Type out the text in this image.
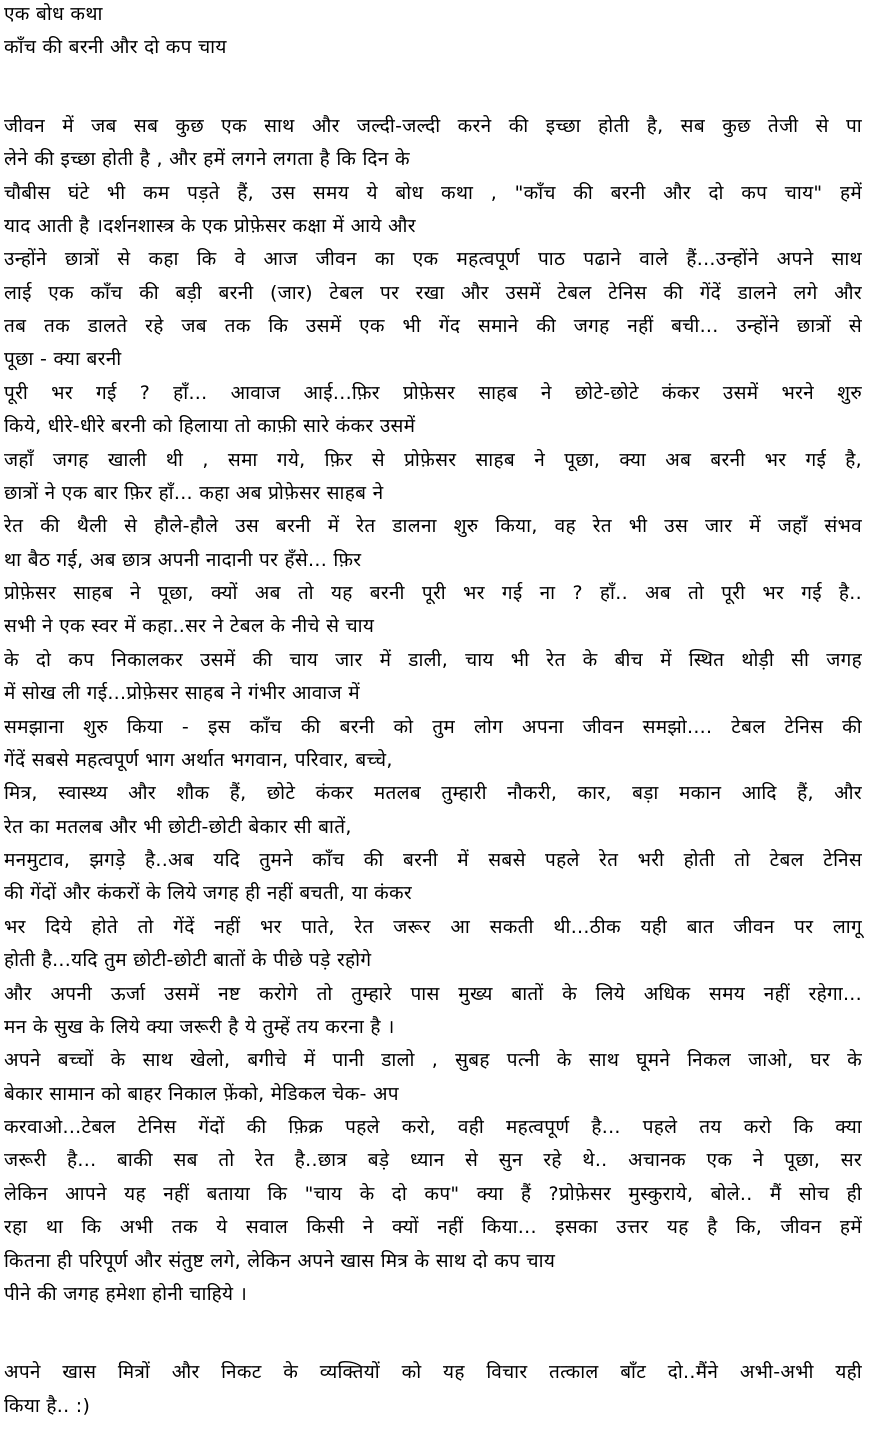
एक बोध कथा
काँच की बरनी और दो कप चाय
जीवन में जब सब कुछ एक साथ और जल्दी-जल्दी करने की इच्छा होती है, सब कुछ तेजी से पा
लेने की इच्छा होती है , और हमें लगने लगता है कि दिन के
चौबीस घंटे भी कम पड़ते हैं, उस समय ये बोध कथा , "काँच की बरनी और दो कप चाय" हमें
याद आती है ।दर्शनशास्त्र के एक प्रोफ़ेसर कक्षा में आये और
उन्होंने छात्रों से कहा कि वे आज जीवन का एक महत्वपूर्ण पाठ पढाने वाले हैं...उन्होंने अपने साथ
लाई एक काँच की बड़ी बरनी (जार) टेबल पर रखा और उसमें टेबल टेनिस की गेंदें डालने लगे और
तब तक डालते रहे जब तक कि उसमें एक भी गेंद समाने की जगह नहीं बची... उन्होंने छात्रों से
पूछा - क्या बरनी
पूरी भर गई ? हाँ... आवाज आई...फ़िर प्रोफ़ेसर साहब ने छोटे-छोटे कंकर उसमें भरने शुरु
किये, धीरे-धीरे बरनी को हिलाया तो काफ़ी सारे कंकर उसमें
जहाँ जगह खाली थी , समा गये, फ़िर से प्रोफ़ेसर साहब ने पूछा, क्या अब बरनी भर गई है,
छात्रों ने एक बार फ़िर हाँ... कहा अब प्रोफ़ेसर साहब ने
रेत की थैली से हौले-हौले उस बरनी में रेत डालना शुरु किया, वह रेत भी उस जार में जहाँ संभव
था बैठ गई, अब छात्र अपनी नादानी पर हँसे... फ़िर
प्रोफ़ेसर साहब ने पूछा, क्यों अब तो यह बरनी पूरी भर गई ना ? हाँ.. अब तो पूरी भर गई है..
सभी ने एक स्वर में कहा..सर ने टेबल के नीचे से चाय
के दो कप निकालकर उसमें की चाय जार में डाली, चाय भी रेत के बीच में स्थित थोड़ी सी जगह
में सोख ली गई...प्रोफ़ेसर साहब ने गंभीर आवाज में
समझाना शुरु किया - इस काँच की बरनी को तुम लोग अपना जीवन समझो.... टेबल टेनिस की
गेंदें सबसे महत्वपूर्ण भाग अर्थात भगवान, परिवार, बच्चे,
मित्र, स्वास्थ्य और शौक हैं, छोटे कंकर मतलब तुम्हारी नौकरी, कार, बड़ा मकान आदि हैं, और
रेत का मतलब और भी छोटी-छोटी बेकार सी बातें,
मनमुटाव, झगड़े है..अब यदि तुमने काँच की बरनी में सबसे पहले रेत भरी होती तो टेबल टेनिस
की गेंदों और कंकरों के लिये जगह ही नहीं बचती, या कंकर
भर दिये होते तो गेंदें नहीं भर पाते, रेत जरूर आ सकती थी...ठीक यही बात जीवन पर लागू
होती है...यदि तुम छोटी-छोटी बातों के पीछे पड़े रहोगे
और अपनी ऊर्जा उसमें नष्ट करोगे तो तुम्हारे पास मुख्य बातों के लिये अधिक समय नहीं रहेगा...
मन के सुख के लिये क्या जरूरी है ये तुम्हें तय करना है ।
अपने बच्चों के साथ खेलो, बगीचे में पानी डालो , सुबह पत्नी के साथ घूमने निकल जाओ, घर के
बेकार सामान को बाहर निकाल फ़ेंको, मेडिकल चेक- अप
करवाओ...टेबल टेनिस गेंदों की फ़िक्र पहले करो, वही महत्वपूर्ण है... पहले तय करो कि क्या
जरूरी है... बाकी सब तो रेत है..छात्र बड़े ध्यान से सुन रहे थे.. अचानक एक ने पूछा, सर
लेकिन आपने यह नहीं बताया कि "चाय के दो कप" क्या हैं ?प्रोफ़ेसर मुस्कुराये, बोले.. मैं सोच ही
रहा था कि अभी तक ये सवाल किसी ने क्यों नहीं किया... इसका उत्तर यह है कि, जीवन हमें
कितना ही परिपूर्ण और संतुष्ट लगे, लेकिन अपने खास मित्र के साथ दो कप चाय
पीने की जगह हमेशा होनी चाहिये ।
अपने खास मित्रों और निकट के व्यक्तियों को यह विचार तत्काल बाँट दो..मैंने अभी-अभी यही
किया है.. :)
